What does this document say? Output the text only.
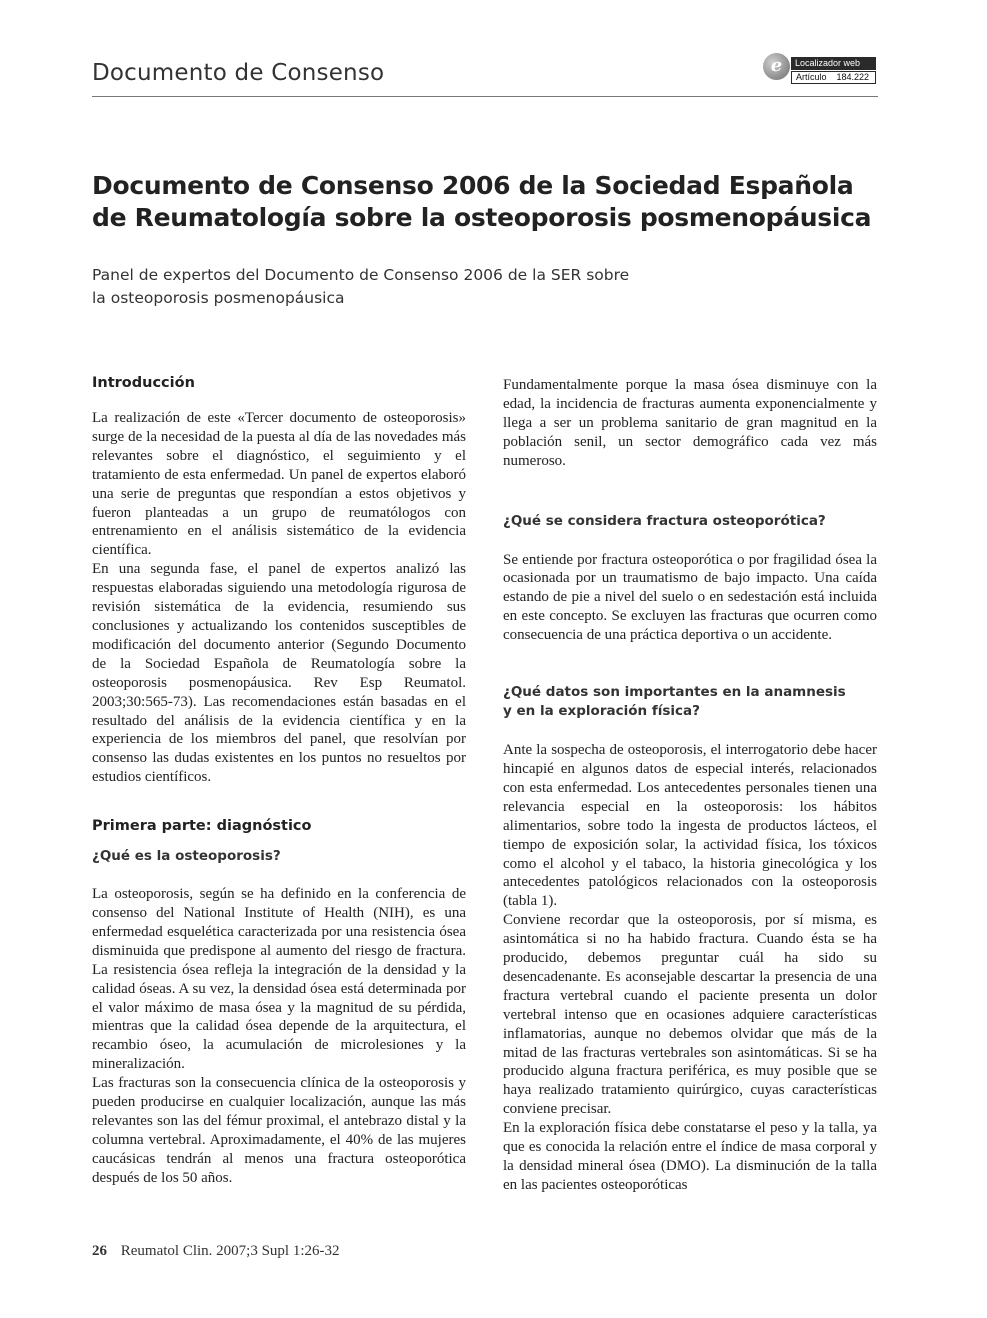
Documento de Consenso	e	Localizador web
Artículo 184.222
Documento de Consenso 2006 de la Sociedad Española
de Reumatología sobre la osteoporosis posmenopáusica
Panel de expertos del Documento de Consenso 2006 de la SER sobre
la osteoporosis posmenopáusica
Introducción

La realización de este «Tercer documento de osteoporosis» surge de la necesidad de la puesta al día de las novedades más relevantes sobre el diagnóstico, el seguimiento y el tratamiento de esta enfermedad. Un panel de expertos elaboró una serie de preguntas que respondían a estos objetivos y fueron planteadas a un grupo de reumatólogos con entrenamiento en el análisis sistemático de la evidencia científica.

En una segunda fase, el panel de expertos analizó las respuestas elaboradas siguiendo una metodología rigurosa de revisión sistemática de la evidencia, resumiendo sus conclusiones y actualizando los contenidos susceptibles de modificación del documento anterior (Segundo Documento de la Sociedad Española de Reumatología sobre la osteoporosis posmenopáusica. Rev Esp Reumatol. 2003;30:565-73). Las recomendaciones están basadas en el resultado del análisis de la evidencia científica y en la experiencia de los miembros del panel, que resolvían por consenso las dudas existentes en los puntos no resueltos por estudios científicos.

Primera parte: diagnóstico
¿Qué es la osteoporosis?

La osteoporosis, según se ha definido en la conferencia de consenso del National Institute of Health (NIH), es una enfermedad esquelética caracterizada por una resistencia ósea disminuida que predispone al aumento del riesgo de fractura. La resistencia ósea refleja la integración de la densidad y la calidad óseas. A su vez, la densidad ósea está determinada por el valor máximo de masa ósea y la magnitud de su pérdida, mientras que la calidad ósea depende de la arquitectura, el recambio óseo, la acumulación de microlesiones y la mineralización.

Las fracturas son la consecuencia clínica de la osteoporosis y pueden producirse en cualquier localización, aunque las más relevantes son las del fémur proximal, el antebrazo distal y la columna vertebral. Aproximadamente, el 40% de las mujeres caucásicas tendrán al menos una fractura osteoporótica después de los 50 años.

Fundamentalmente porque la masa ósea disminuye con la edad, la incidencia de fracturas aumenta exponencialmente y llega a ser un problema sanitario de gran magnitud en la población senil, un sector demográfico cada vez más numeroso.

¿Qué se considera fractura osteoporótica?

Se entiende por fractura osteoporótica o por fragilidad ósea la ocasionada por un traumatismo de bajo impacto. Una caída estando de pie a nivel del suelo o en sedestación está incluida en este concepto. Se excluyen las fracturas que ocurren como consecuencia de una práctica deportiva o un accidente.

¿Qué datos son importantes en la anamnesis
y en la exploración física?

Ante la sospecha de osteoporosis, el interrogatorio debe hacer hincapié en algunos datos de especial interés, relacionados con esta enfermedad. Los antecedentes personales tienen una relevancia especial en la osteoporosis: los hábitos alimentarios, sobre todo la ingesta de productos lácteos, el tiempo de exposición solar, la actividad física, los tóxicos como el alcohol y el tabaco, la historia ginecológica y los antecedentes patológicos relacionados con la osteoporosis (tabla 1).

Conviene recordar que la osteoporosis, por sí misma, es asintomática si no ha habido fractura. Cuando ésta se ha producido, debemos preguntar cuál ha sido su desencadenante. Es aconsejable descartar la presencia de una fractura vertebral cuando el paciente presenta un dolor vertebral intenso que en ocasiones adquiere características inflamatorias, aunque no debemos olvidar que más de la mitad de las fracturas vertebrales son asintomáticas. Si se ha producido alguna fractura periférica, es muy posible que se haya realizado tratamiento quirúrgico, cuyas características conviene precisar.

En la exploración física debe constatarse el peso y la talla, ya que es conocida la relación entre el índice de masa corporal y la densidad mineral ósea (DMO). La disminución de la talla en las pacientes osteoporóticas

26 Reumatol Clin. 2007;3 Supl 1:26-32
